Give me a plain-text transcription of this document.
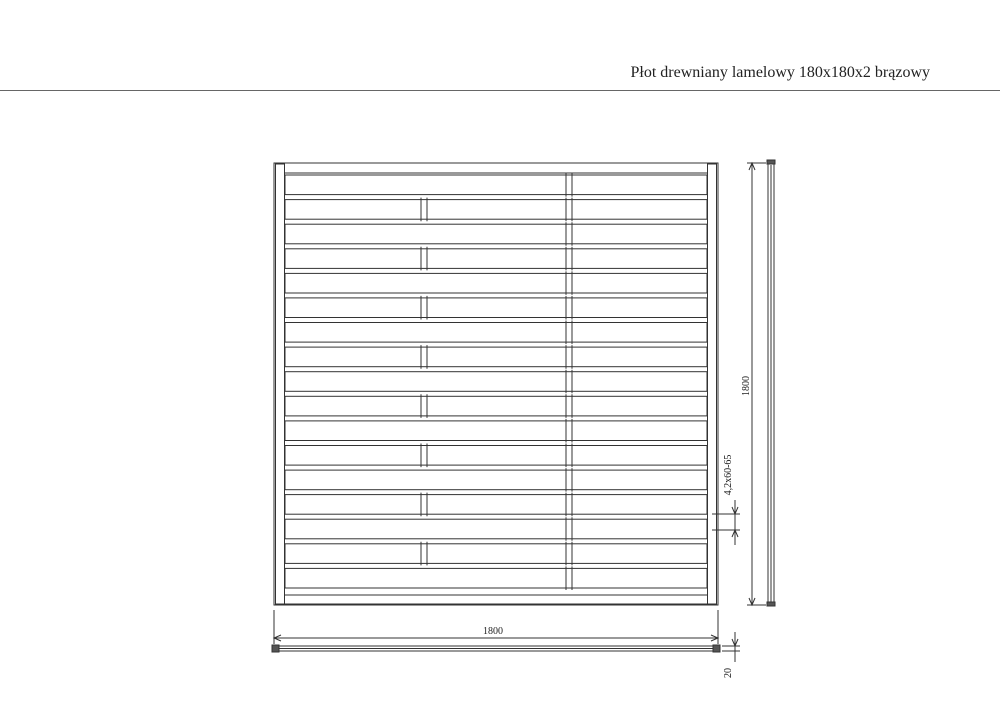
Płot drewniany lamelowy 180x180x2 brązowy
1800
4,2x60-65
1800
20
